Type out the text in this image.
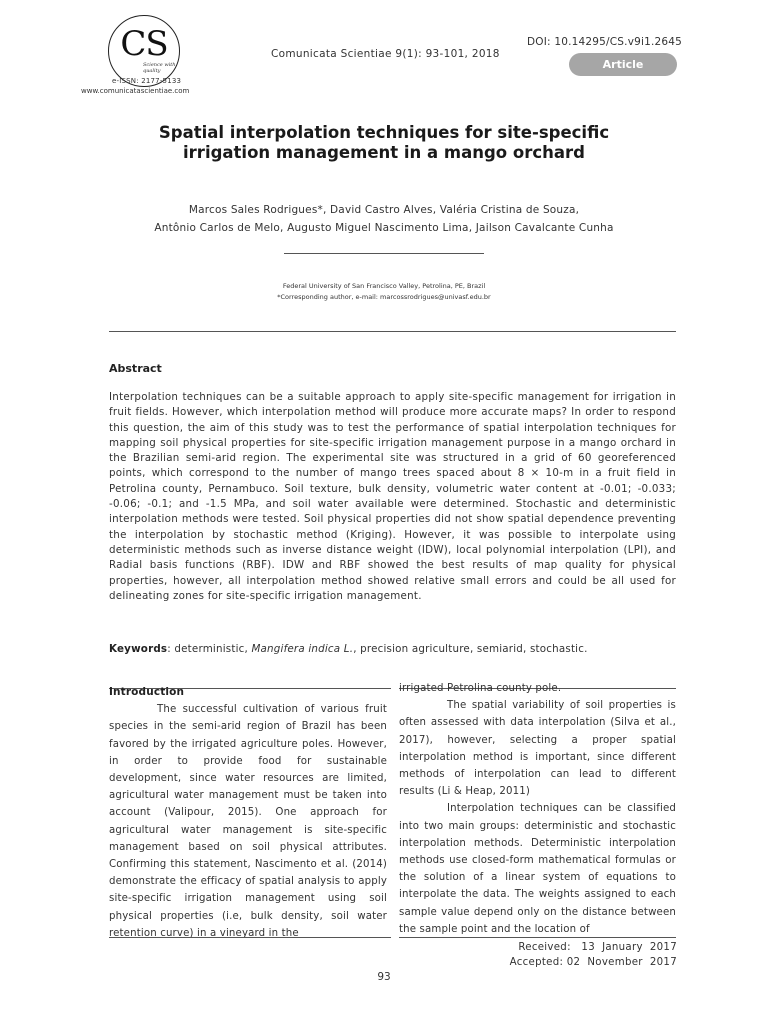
CS
Science with quality
e-ISSN: 2177-5133
www.comunicatascientiae.com
Comunicata Scientiae 9(1): 93-101, 2018
DOI: 10.14295/CS.v9i1.2645
Article
Spatial interpolation techniques for site-specific
irrigation management in a mango orchard
Marcos Sales Rodrigues*, David Castro Alves, Valéria Cristina de Souza,
Antônio Carlos de Melo, Augusto Miguel Nascimento Lima, Jailson Cavalcante Cunha
Federal University of San Francisco Valley, Petrolina, PE, Brazil
*Corresponding author, e-mail: marcossrodrigues@univasf.edu.br
Abstract
Interpolation techniques can be a suitable approach to apply site-specific management for irrigation in fruit fields. However, which interpolation method will produce more accurate maps? In order to respond this question, the aim of this study was to test the performance of spatial interpolation techniques for mapping soil physical properties for site-specific irrigation management purpose in a mango orchard in the Brazilian semi-arid region. The experimental site was structured in a grid of 60 georeferenced points, which correspond to the number of mango trees spaced about 8 × 10-m in a fruit field in Petrolina county, Pernambuco. Soil texture, bulk density, volumetric water content at -0.01; -0.033; -0.06; -0.1; and -1.5 MPa, and soil water available were determined. Stochastic and deterministic interpolation methods were tested. Soil physical properties did not show spatial dependence preventing the interpolation by stochastic method (Kriging). However, it was possible to interpolate using deterministic methods such as inverse distance weight (IDW), local polynomial interpolation (LPI), and Radial basis functions (RBF). IDW and RBF showed the best results of map quality for physical properties, however, all interpolation method showed relative small errors and could be all used for delineating zones for site-specific irrigation management.
Keywords: deterministic, Mangifera indica L., precision agriculture, semiarid, stochastic.
Introduction

The successful cultivation of various fruit species in the semi-arid region of Brazil has been favored by the irrigated agriculture poles. However, in order to provide food for sustainable development, since water resources are limited, agricultural water management must be taken into account (Valipour, 2015). One approach for agricultural water management is site-specific management based on soil physical attributes. Confirming this statement, Nascimento et al. (2014) demonstrate the efficacy of spatial analysis to apply site-specific irrigation management using soil physical properties (i.e, bulk density, soil water retention curve) in a vineyard in the

irrigated Petrolina county pole.

The spatial variability of soil properties is often assessed with data interpolation (Silva et al., 2017), however, selecting a proper spatial interpolation method is important, since different methods of interpolation can lead to different results (Li & Heap, 2011)

Interpolation techniques can be classified into two main groups: deterministic and stochastic interpolation methods. Deterministic interpolation methods use closed-form mathematical formulas or the solution of a linear system of equations to interpolate the data. The weights assigned to each sample value depend only on the distance between the sample point and the location of

Received:   13  January  2017
Accepted: 02  November  2017
93
